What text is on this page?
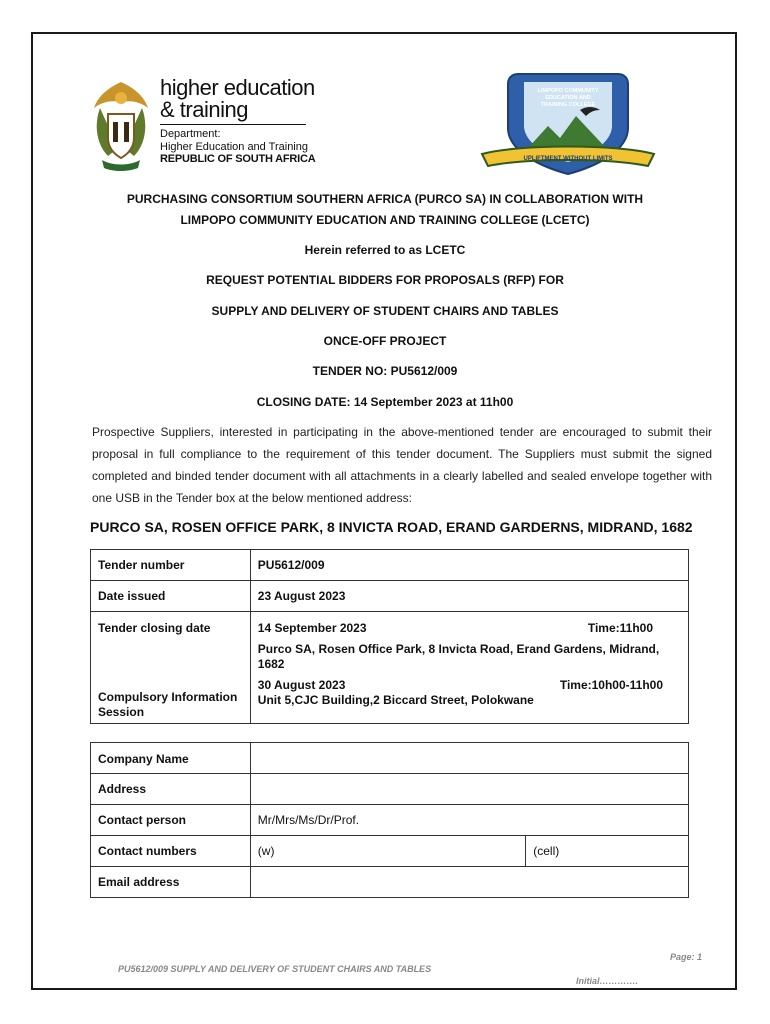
higher education
& training
Department:
Higher Education and Training
REPUBLIC OF SOUTH AFRICA
LIMPOPO COMMUNITY
EDUCATION AND
TRAINING COLLEGE
UPLIFTMENT WITHOUT LIMITS
PURCHASING CONSORTIUM SOUTHERN AFRICA (PURCO SA) IN COLLABORATION WITH
LIMPOPO COMMUNITY EDUCATION AND TRAINING COLLEGE (LCETC)
Herein referred to as LCETC
REQUEST POTENTIAL BIDDERS FOR PROPOSALS (RFP) FOR
SUPPLY AND DELIVERY OF STUDENT CHAIRS AND TABLES
ONCE-OFF PROJECT
TENDER NO: PU5612/009
CLOSING DATE: 14 September 2023 at 11h00
Prospective Suppliers, interested in participating in the above-mentioned tender are encouraged to submit their proposal in full compliance to the requirement of this tender document. The Suppliers must submit the signed completed and binded tender document with all attachments in a clearly labelled and sealed envelope together with one USB in the Tender box at the below mentioned address:
PURCO SA, ROSEN OFFICE PARK, 8 INVICTA ROAD, ERAND GARDERNS, MIDRAND, 1682
Tender number	PU5612/009
Date issued	23 August 2023
Tender closing date	14 September 2023 Time:11h00
Purco SA, Rosen Office Park, 8 Invicta Road, Erand Gardens, Midrand, 1682

Compulsory Information Session	30 August 2023 Time:10h00-11h00
Unit 5,CJC Building,2 Biccard Street, Polokwane
Company Name		
Address		
Contact person	Mr/Mrs/Ms/Dr/Prof.	
Contact numbers	(w)	(cell)
Email address		
Page: 1
PU5612/009 SUPPLY AND DELIVERY OF STUDENT CHAIRS AND TABLES
Initial………….
